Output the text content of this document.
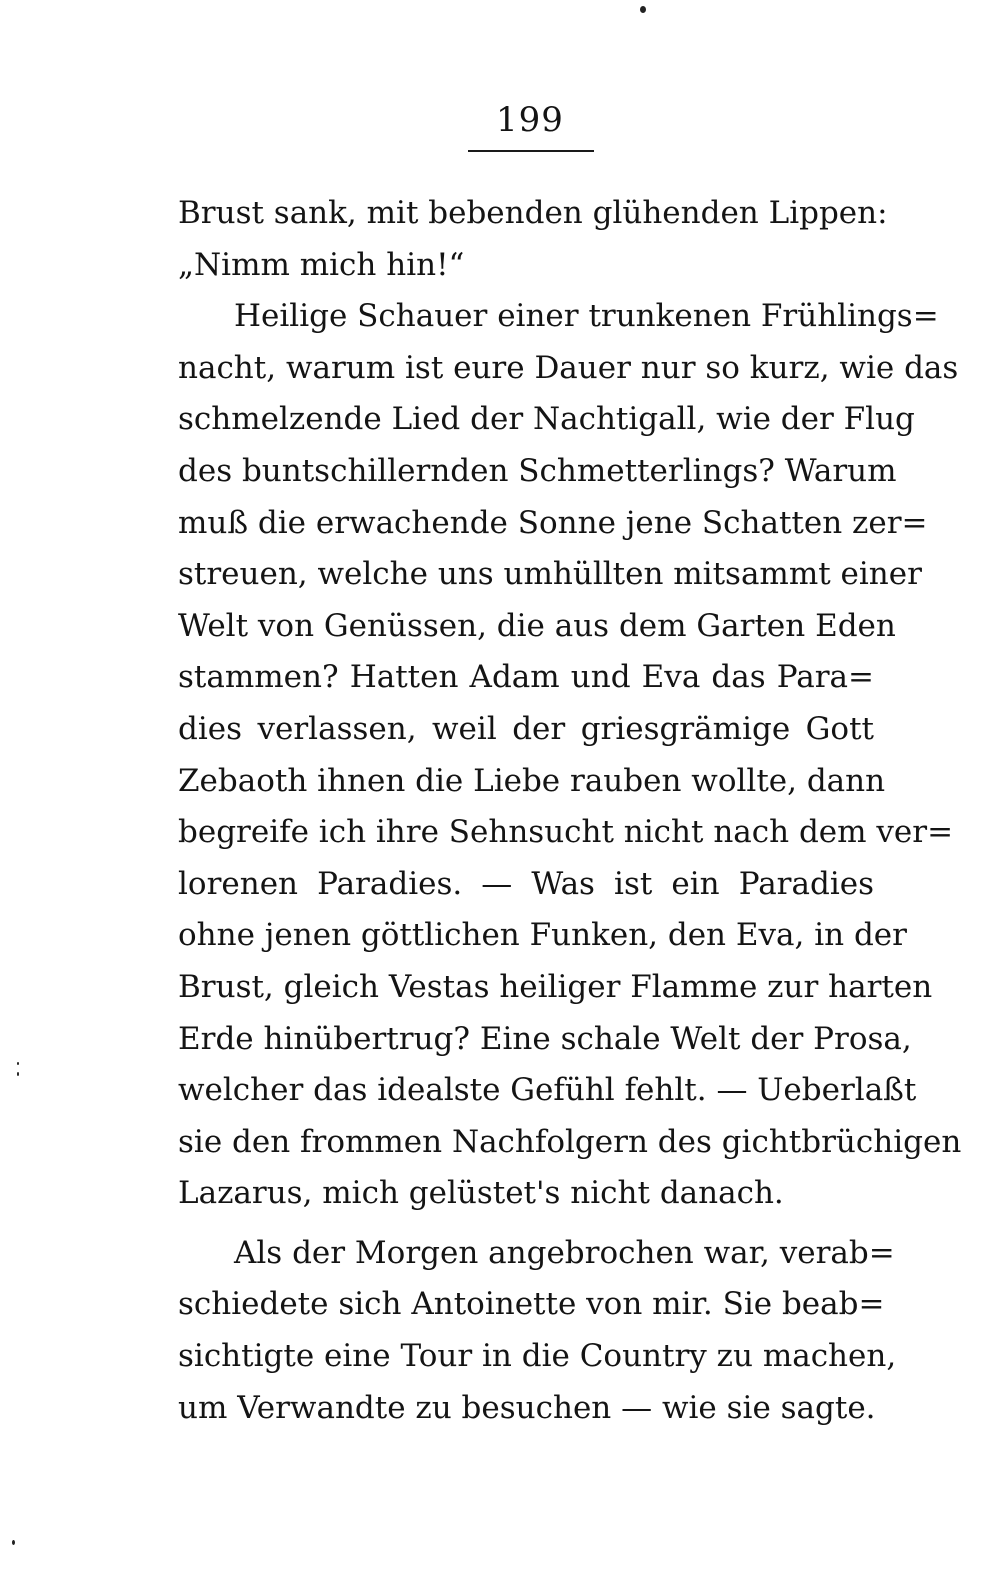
199
Brust sank, mit bebenden glühenden Lippen:
„Nimm mich hin!“
Heilige Schauer einer trunkenen Frühlings=
nacht, warum ist eure Dauer nur so kurz, wie das
schmelzende Lied der Nachtigall, wie der Flug
des buntschillernden Schmetterlings? Warum
muß die erwachende Sonne jene Schatten zer=
streuen, welche uns umhüllten mitsammt einer
Welt von Genüssen, die aus dem Garten Eden
stammen? Hatten Adam und Eva das Para=
dies verlassen, weil der griesgrämige Gott
Zebaoth ihnen die Liebe rauben wollte, dann
begreife ich ihre Sehnsucht nicht nach dem ver=
lorenen Paradies. — Was ist ein Paradies
ohne jenen göttlichen Funken, den Eva, in der
Brust, gleich Vestas heiliger Flamme zur harten
Erde hinübertrug? Eine schale Welt der Prosa,
welcher das idealste Gefühl fehlt. — Ueberlaßt
sie den frommen Nachfolgern des gichtbrüchigen
Lazarus, mich gelüstet's nicht danach.
Als der Morgen angebrochen war, verab=
schiedete sich Antoinette von mir. Sie beab=
sichtigte eine Tour in die Country zu machen,
um Verwandte zu besuchen — wie sie sagte.
